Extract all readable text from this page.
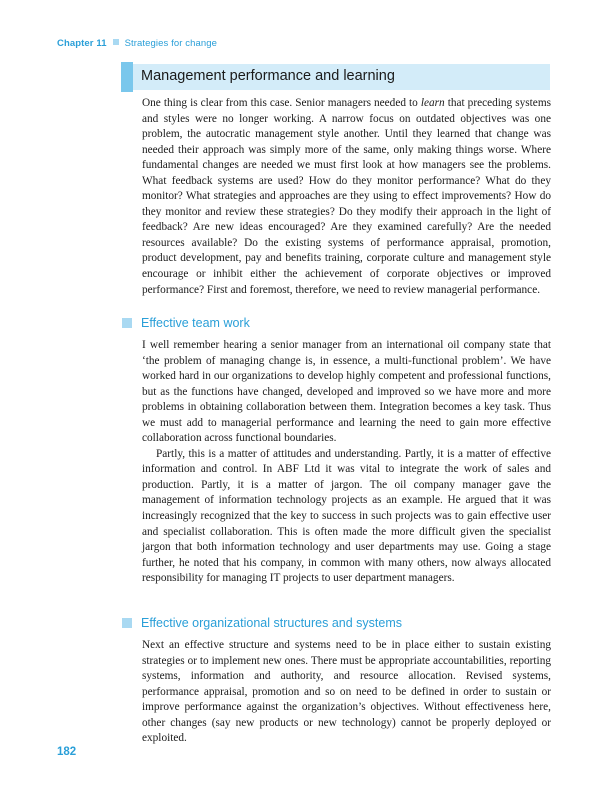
Chapter 11 Strategies for change
Management performance and learning

One thing is clear from this case. Senior managers needed to learn that preceding systems and styles were no longer working. A narrow focus on outdated objectives was one problem, the autocratic management style another. Until they learned that change was needed their approach was simply more of the same, only making things worse. Where fundamental changes are needed we must first look at how managers see the problems. What feedback systems are used? How do they monitor performance? What do they monitor? What strategies and approaches are they using to effect improvements? How do they monitor and review these strategies? Do they modify their approach in the light of feedback? Are new ideas encouraged? Are they examined carefully? Are the needed resources available? Do the existing systems of performance appraisal, promotion, product development, pay and benefits training, corporate culture and management style encourage or inhibit either the achievement of corporate objectives or improved performance? First and foremost, therefore, we need to review managerial performance.

Effective team work

I well remember hearing a senior manager from an international oil company state that ‘the problem of managing change is, in essence, a multi-functional problem’. We have worked hard in our organizations to develop highly competent and professional functions, but as the functions have changed, developed and improved so we have more and more problems in obtaining collaboration between them. Integration becomes a key task. Thus we must add to managerial performance and learning the need to gain more effective collaboration across functional boundaries.

Partly, this is a matter of attitudes and understanding. Partly, it is a matter of effective information and control. In ABF Ltd it was vital to integrate the work of sales and production. Partly, it is a matter of jargon. The oil company manager gave the management of information technology projects as an example. He argued that it was increasingly recognized that the key to success in such projects was to gain effective user and specialist collaboration. This is often made the more difficult given the specialist jargon that both information technology and user departments may use. Going a stage further, he noted that his company, in common with many others, now always allocated responsibility for managing IT projects to user department managers.

Effective organizational structures and systems

Next an effective structure and systems need to be in place either to sustain existing strategies or to implement new ones. There must be appropriate accountabilities, reporting systems, information and authority, and resource allocation. Revised systems, performance appraisal, promotion and so on need to be defined in order to sustain or improve performance against the organization’s objectives. Without effectiveness here, other changes (say new products or new technology) cannot be properly deployed or exploited.

182
